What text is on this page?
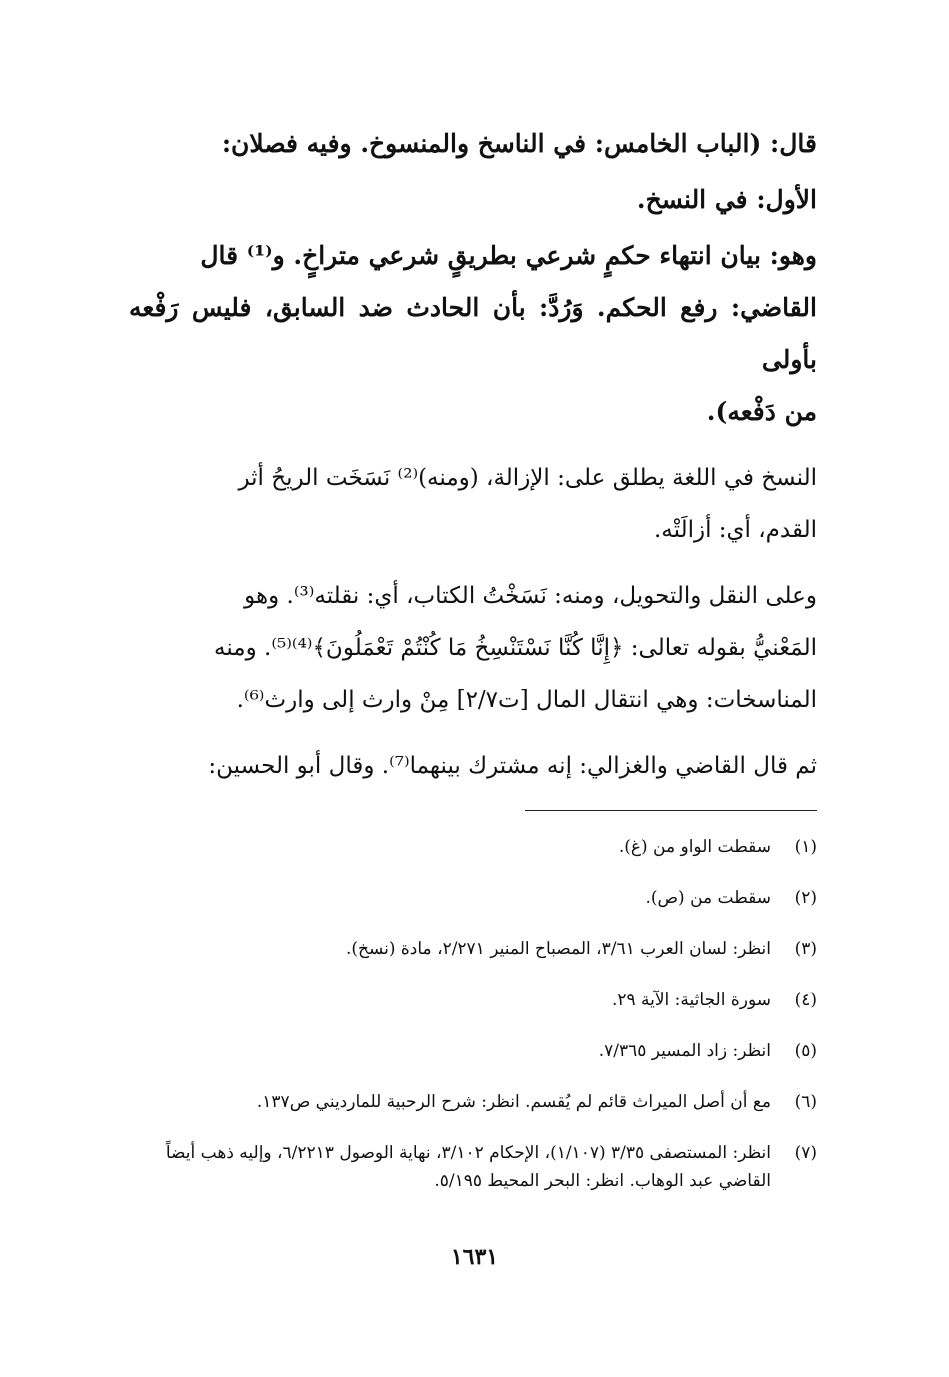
قال: (الباب الخامس: في الناسخ والمنسوخ. وفيه فصلان:

الأول: في النسخ.

وهو: بيان انتهاء حكمٍ شرعي بطريقٍ شرعي متراخٍ. و⁽¹⁾ قال

القاضي: رفع الحكم. وَرُدَّ: بأن الحادث ضد السابق، فليس رَفْعه بأولى

من دَفْعه).

النسخ في اللغة يطلق على: الإزالة، (ومنه)⁽²⁾ نَسَخَت الريحُ أثر

القدم، أي: أزالَتْه.

وعلى النقل والتحويل، ومنه: نَسَخْتُ الكتاب، أي: نقلته⁽³⁾. وهو

المَعْنيُّ بقوله تعالى: ﴿إِنَّا كُنَّا نَسْتَنْسِخُ مَا كُنْتُمْ تَعْمَلُونَ﴾⁽⁴⁾⁽⁵⁾. ومنه

المناسخات: وهي انتقال المال [ت٢/٧] مِنْ وارث إلى وارث⁽⁶⁾.

ثم قال القاضي والغزالي: إنه مشترك بينهما⁽⁷⁾. وقال أبو الحسين:

(١)
سقطت الواو من (غ).
(٢)
سقطت من (ص).
(٣)
انظر: لسان العرب ٣/٦١، المصباح المنير ٢/٢٧١، مادة (نسخ).
(٤)
سورة الجاثية: الآية ٢٩.
(٥)
انظر: زاد المسير ٧/٣٦٥.
(٦)
مع أن أصل الميراث قائم لم يُقسم. انظر: شرح الرحبية للمارديني ص١٣٧.
(٧)
انظر: المستصفى ٣/٣٥ (١/١٠٧)، الإحكام ٣/١٠٢، نهاية الوصول ٦/٢٢١٣، وإليه ذهب أيضاً القاضي عبد الوهاب. انظر: البحر المحيط ٥/١٩٥.
١٦٣١
